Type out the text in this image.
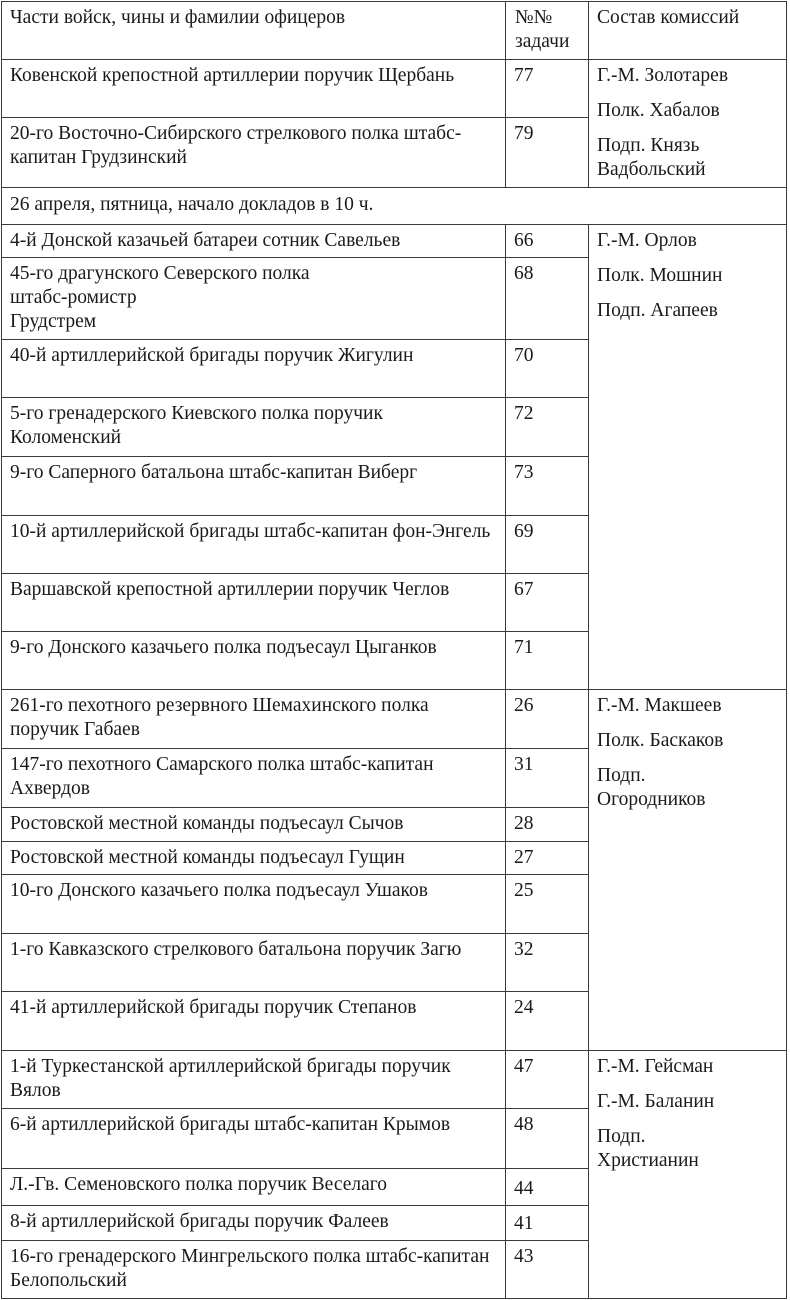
Части войск, чины и фамилии офицеров	№№ задачи	Состав комиссий
Ковенской крепостной артиллерии поручик Щербань	77	Г.-М. Золотарев
Полк. Хабалов
Подп. Князь Вадбольский

20-го Восточно-Сибирского стрелкового полка штабс-капитан Грудзинский	79	
26 апреля, пятница, начало докладов в 10 ч.		
4-й Донской казачьей батареи сотник Савельев	66	Г.-М. Орлов
Полк. Мошнин
Подп. Агапеев

45-го драгунского Северского полка
штабс-ромистр
Грудстрем	68	
40-й артиллерийской бригады поручик Жигулин	70	
5-го гренадерского Киевского полка поручик Коломенский	72	
9-го Саперного батальона штабс-капитан Виберг	73	
10-й артиллерийской бригады штабс-капитан фон-Энгель	69	
Варшавской крепостной артиллерии поручик Чеглов	67	
9-го Донского казачьего полка подъесаул Цыганков	71	
261-го пехотного резервного Шемахинского полка поручик Габаев	26	Г.-М. Макшеев
Полк. Баскаков
Подп. Огородников

147-го пехотного Самарского полка штабс-капитан Ахвердов	31	
Ростовской местной команды подъесаул Сычов	28	
Ростовской местной команды подъесаул Гущин	27	
10-го Донского казачьего полка подъесаул Ушаков	25	
1-го Кавказского стрелкового батальона поручик Загю	32	
41-й артиллерийской бригады поручик Степанов	24	
1-й Туркестанской артиллерийской бригады поручик Вялов	47	Г.-М. Гейсман
Г.-М. Баланин
Подп. Христианин

6-й артиллерийской бригады штабс-капитан Крымов	48	
Л.-Гв. Семеновского полка поручик Веселаго	44	
8-й артиллерийской бригады поручик Фалеев	41	
16-го гренадерского Мингрельского полка штабс-капитан Белопольский	43	
